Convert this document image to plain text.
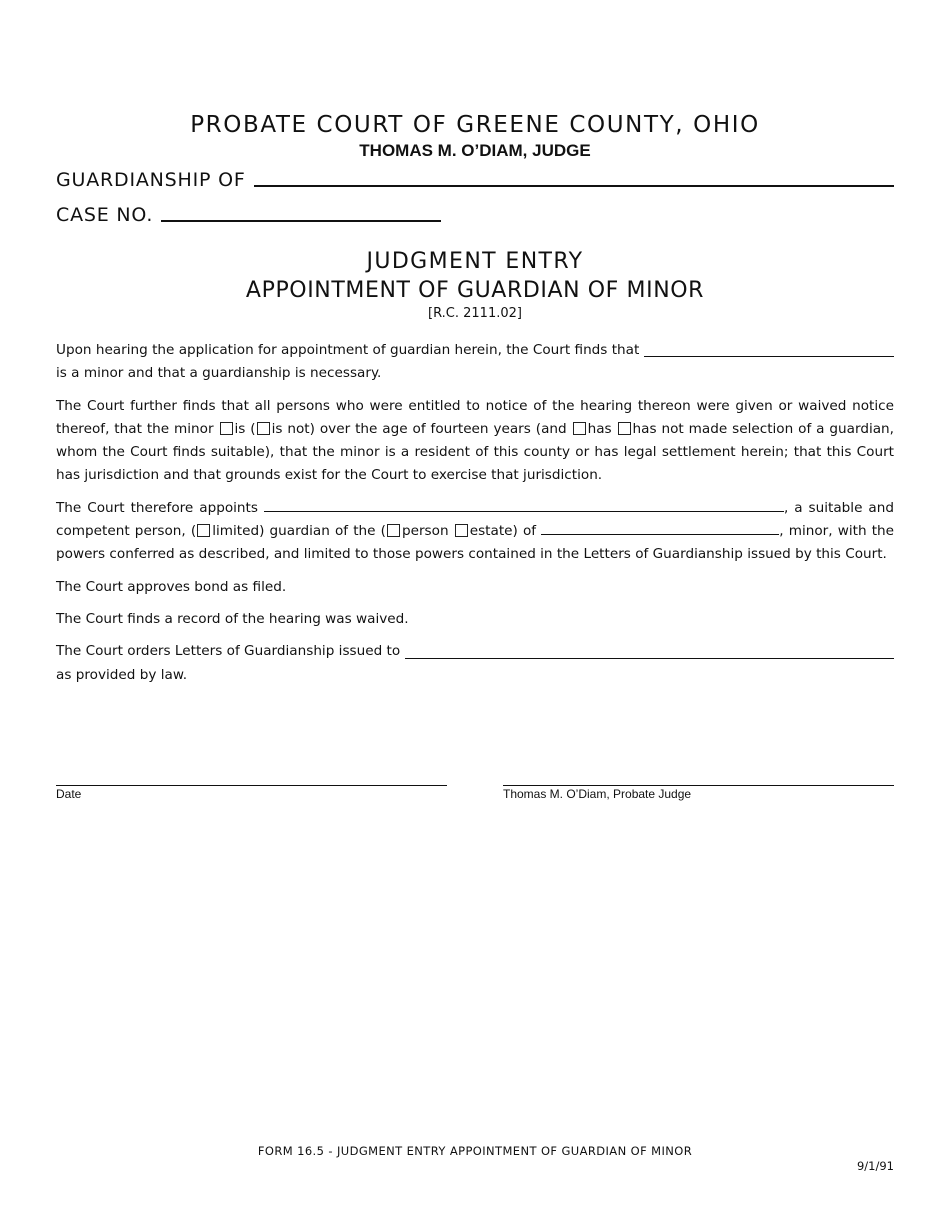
PROBATE COURT OF GREENE COUNTY, OHIO
THOMAS M. O’DIAM, JUDGE
GUARDIANSHIP OF
CASE NO.
JUDGMENT ENTRY
APPOINTMENT OF GUARDIAN OF MINOR
[R.C. 2111.02]
Upon hearing the application for appointment of guardian herein, the Court finds that

is a minor and that a guardianship is necessary.

The Court further finds that all persons who were entitled to notice of the hearing thereon were given or waived notice thereof, that the minor is ( is not) over the age of fourteen years (and has has not made selection of a guardian, whom the Court finds suitable), that the minor is a resident of this county or has legal settlement herein; that this Court has jurisdiction and that grounds exist for the Court to exercise that jurisdiction.

The Court therefore appoints	, a suitable and competent person, ( limited) guardian of the ( person estate) of	, minor, with the powers conferred as described, and limited to those powers contained in the Letters of Guardianship issued by this Court.

The Court approves bond as filed.

The Court finds a record of the hearing was waived.

The Court orders Letters of Guardianship issued to

as provided by law.

Date	Thomas M. O’Diam, Probate Judge
FORM 16.5 - JUDGMENT ENTRY APPOINTMENT OF GUARDIAN OF MINOR
9/1/91
